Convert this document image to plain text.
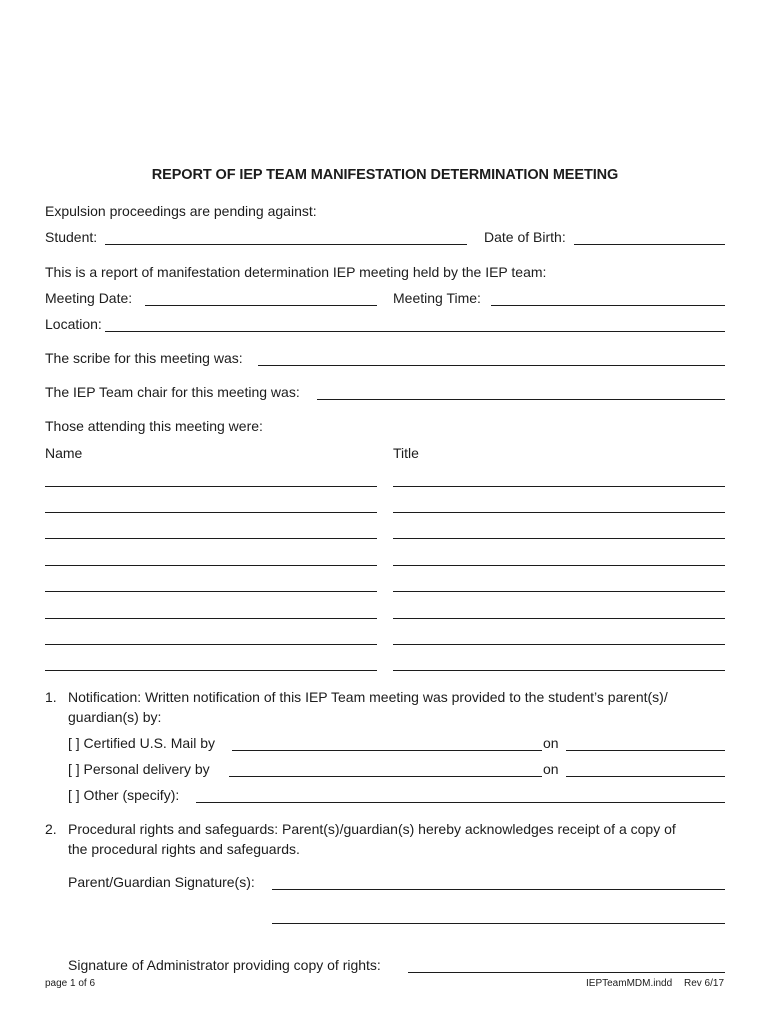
REPORT OF IEP TEAM MANIFESTATION DETERMINATION MEETING
Expulsion proceedings are pending against:
Student:	Date of Birth:
This is a report of manifestation determination IEP meeting held by the IEP team:
Meeting Date:	Meeting Time:
Location:
The scribe for this meeting was:
The IEP Team chair for this meeting was:
Those attending this meeting were:
Name	Title
1. Notification: Written notification of this IEP Team meeting was provided to the student’s parent(s)/
guardian(s) by:
[ ] Certified U.S. Mail by	on
[ ] Personal delivery by	on
[ ] Other (specify):
2. Procedural rights and safeguards: Parent(s)/guardian(s) hereby acknowledges receipt of a copy of
the procedural rights and safeguards.
Parent/Guardian Signature(s):
Signature of Administrator providing copy of rights:
page 1 of 6	IEPTeamMDM.indd Rev 6/17
